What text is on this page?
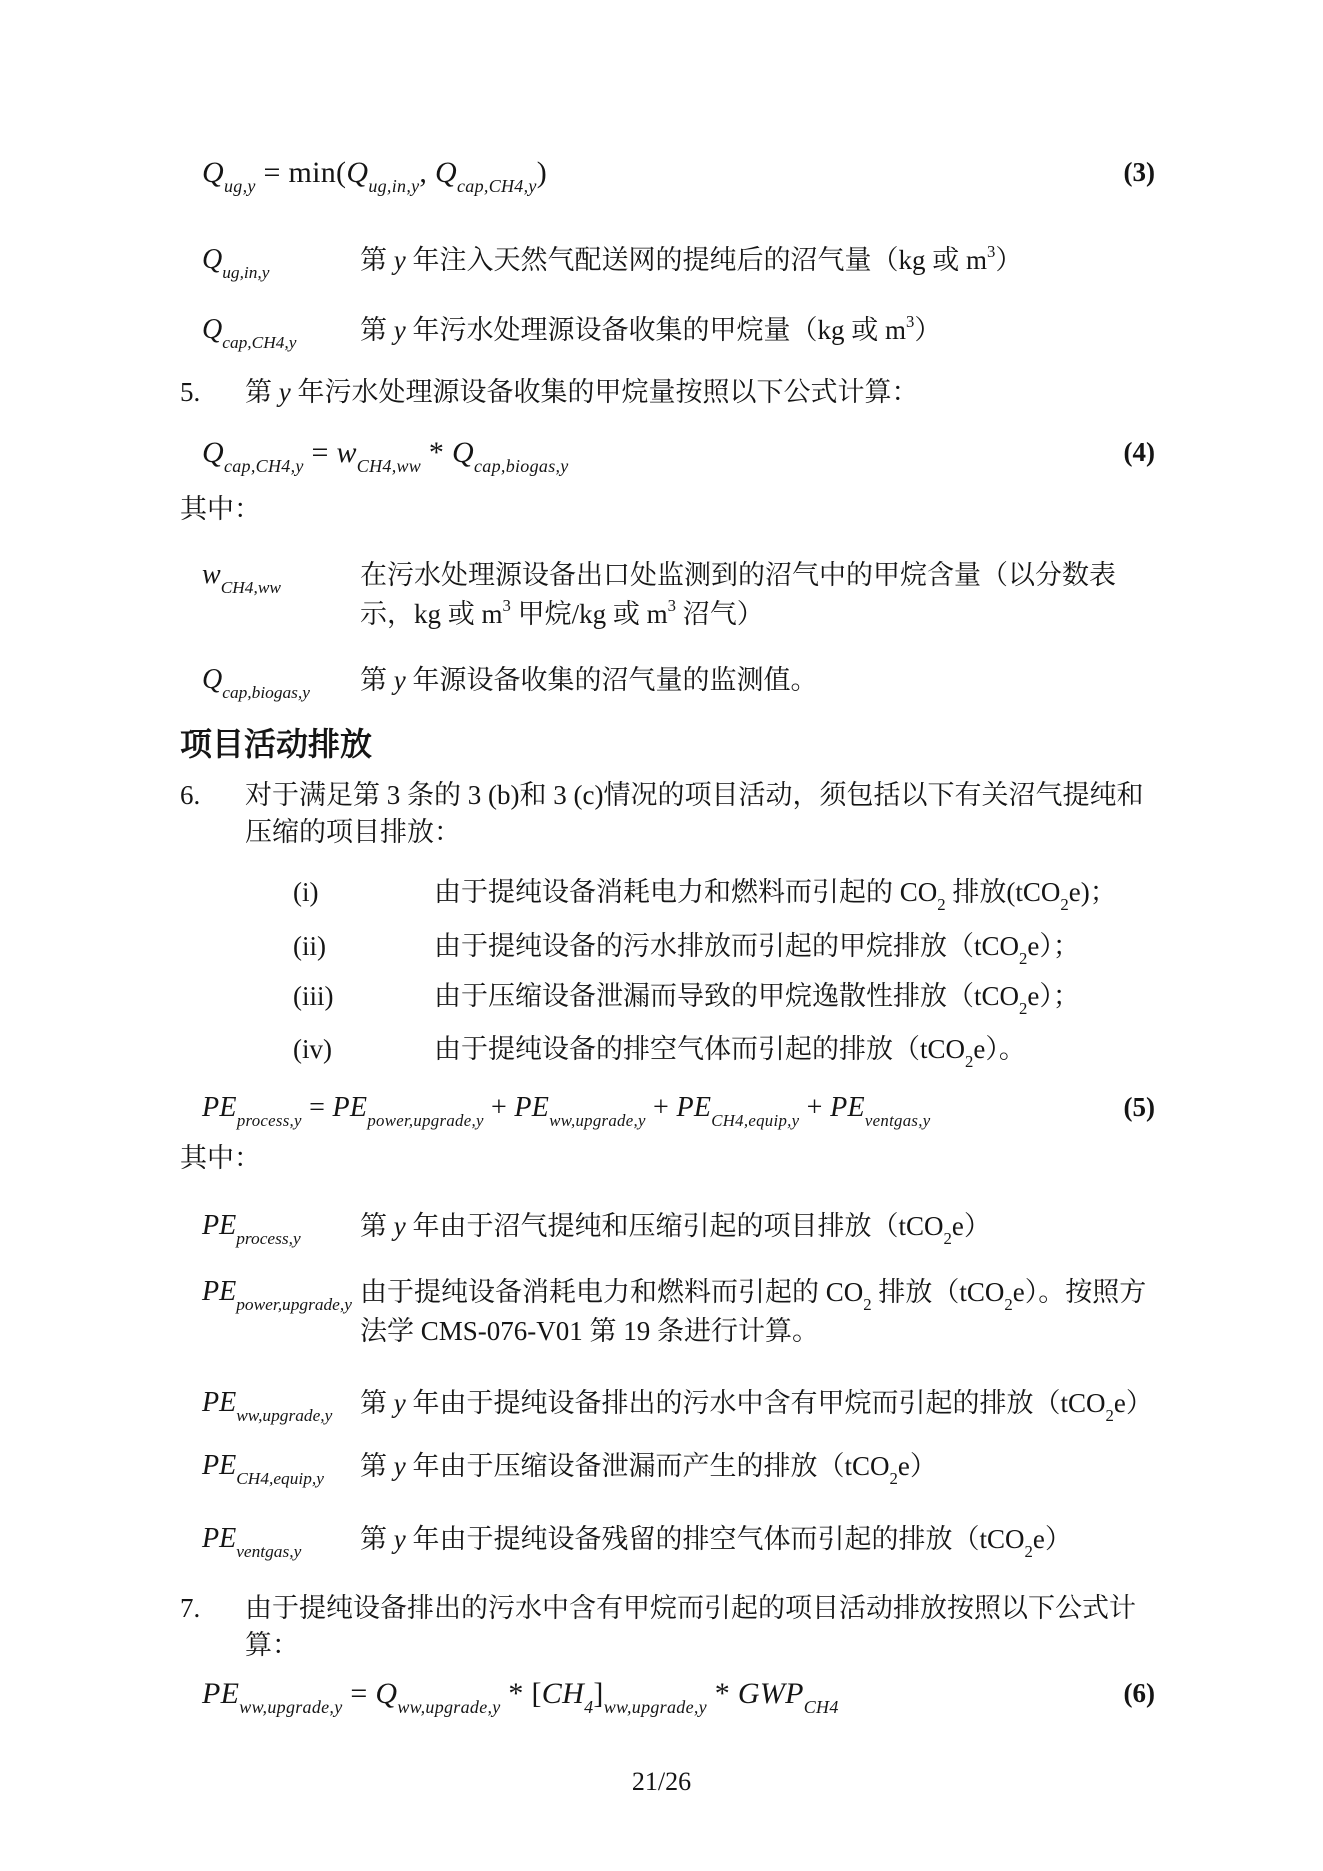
$Q_{ug,y} = \min(Q_{ug,in,y}$, $Q_{cap,CH4,y}$)	(3)
$Q_{ug,in,y}$	第 y 年注入天然气配送网的提纯后的沼气量（kg 或 $m^3$）
$Q_{cap,CH4,y}$	第 y 年污水处理源设备收集的甲烷量（kg 或 $m^3$）
5.	第 y 年污水处理源设备收集的甲烷量按照以下公式计算：
$Q_{cap,CH4,y} = w_{CH4,ww} * Q_{cap,biogas,y}$	(4)
其中：
$w_{CH4,ww}$	在污水处理源设备出口处监测到的沼气中的甲烷含量（以分数表示，kg 或 $m^3$ 甲烷/kg 或 $m^3$ 沼气）
$Q_{cap,biogas,y}$	第 y 年源设备收集的沼气量的监测值。
项目活动排放
6.	对于满足第 3 条的 3 (b)和 3 (c)情况的项目活动，须包括以下有关沼气提纯和压缩的项目排放：
(i)	由于提纯设备消耗电力和燃料而引起的 $CO_2$ 排放(tCO$_2$e)；
(ii)	由于提纯设备的污水排放而引起的甲烷排放（tCO$_2$e）；
(iii)	由于压缩设备泄漏而导致的甲烷逸散性排放（tCO$_2$e）；
(iv)	由于提纯设备的排空气体而引起的排放（tCO$_2$e）。
$PE_{process,y} = PE_{power,upgrade,y} + PE_{ww,upgrade,y} + PE_{CH4,equip,y} + PE_{ventgas,y}$	(5)
其中：
$PE_{process,y}$	第 y 年由于沼气提纯和压缩引起的项目排放（tCO$_2$e）
$PE_{power,upgrade,y}$ 由于提纯设备消耗电力和燃料而引起的 $CO_2$ 排放（tCO$_2$e）。按照方法学 CMS-076-V01 第 19 条进行计算。
$PE_{ww,upgrade,y}$	第 y 年由于提纯设备排出的污水中含有甲烷而引起的排放（tCO$_2$e）
$PE_{CH4,equip,y}$	第 y 年由于压缩设备泄漏而产生的排放（tCO$_2$e）
$PE_{ventgas,y}$	第 y 年由于提纯设备残留的排空气体而引起的排放（tCO$_2$e）
7.	由于提纯设备排出的污水中含有甲烷而引起的项目活动排放按照以下公式计算：
$PE_{ww,upgrade,y} = Q_{ww,upgrade,y} * [CH_4]_{ww,upgrade,y} * GWP_{CH4}$	(6)
21/26
